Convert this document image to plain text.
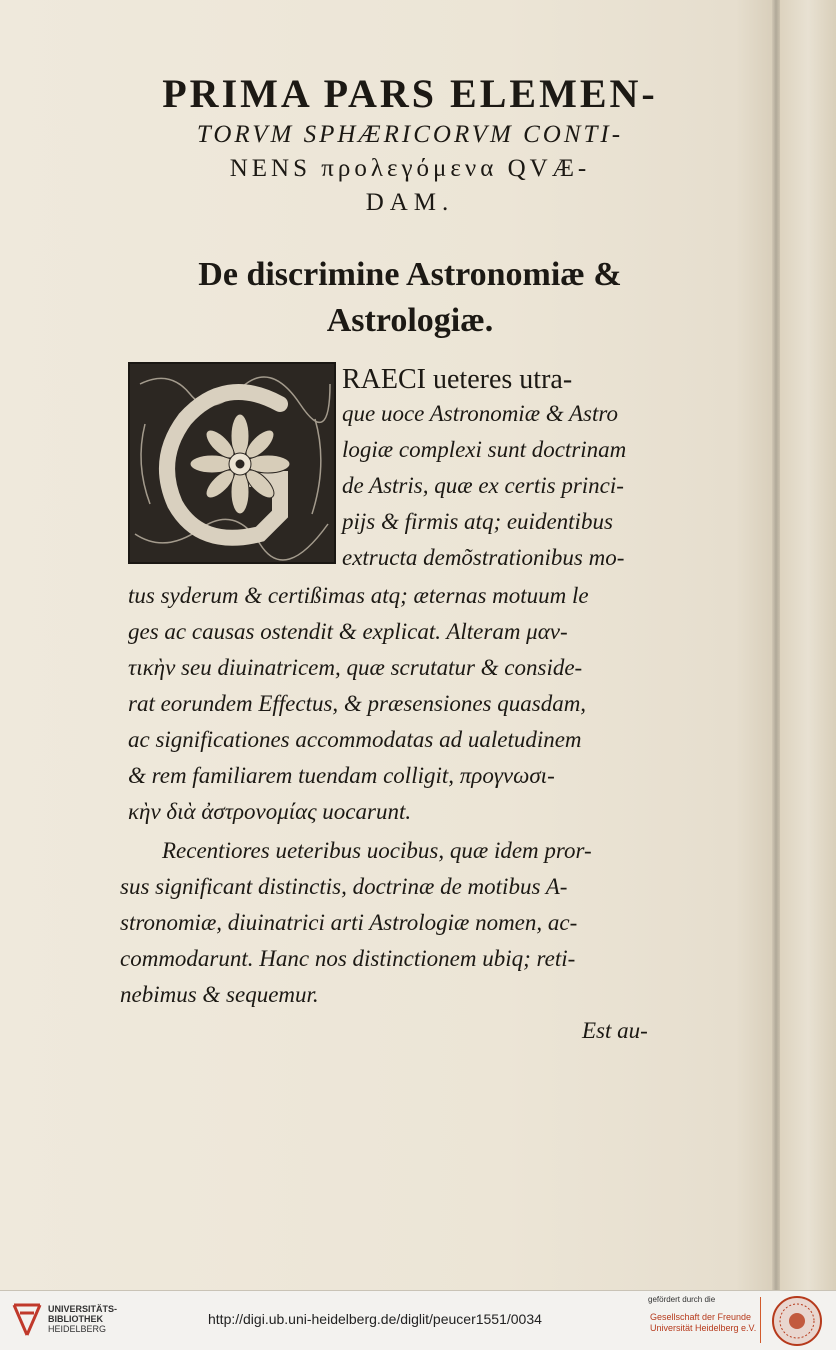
PRIMA PARS ELEMEN-
TORVM SPHÆRICORVM CONTI-
NENS προλεγόμενα QVÆ-
DAM.
De discrimine Astronomiæ &
Astrologiæ.
RAECI ueteres utra-
que uoce Astronomiæ & Astro
logiæ complexi sunt doctrinam
de Astris, quæ ex certis princi-
pijs & firmis atq; euidentibus
extructa demõstrationibus mo-
tus syderum & certißimas atq; æternas motuum le
ges ac causas ostendit & explicat. Alteram μαν-
τικὴν seu diuinatricem, quæ scrutatur & conside-
rat eorundem Effectus, & præsensiones quasdam,
ac significationes accommodatas ad ualetudinem
& rem familiarem tuendam colligit, προγνωσι-
κὴν διὰ ἀστρονομίας uocarunt.
Recentiores ueteribus uocibus, quæ idem pror-
sus significant distinctis, doctrinæ de motibus A-
stronomiæ, diuinatrici arti Astrologiæ nomen, ac-
commodarunt. Hanc nos distinctionem ubiq; reti-
nebimus & sequemur.
Est au-
UNIVERSITÄTS-
BIBLIOTHEK
HEIDELBERG
http://digi.ub.uni-heidelberg.de/diglit/peucer1551/0034
gefördert durch die
Gesellschaft der Freunde
Universität Heidelberg e.V.
